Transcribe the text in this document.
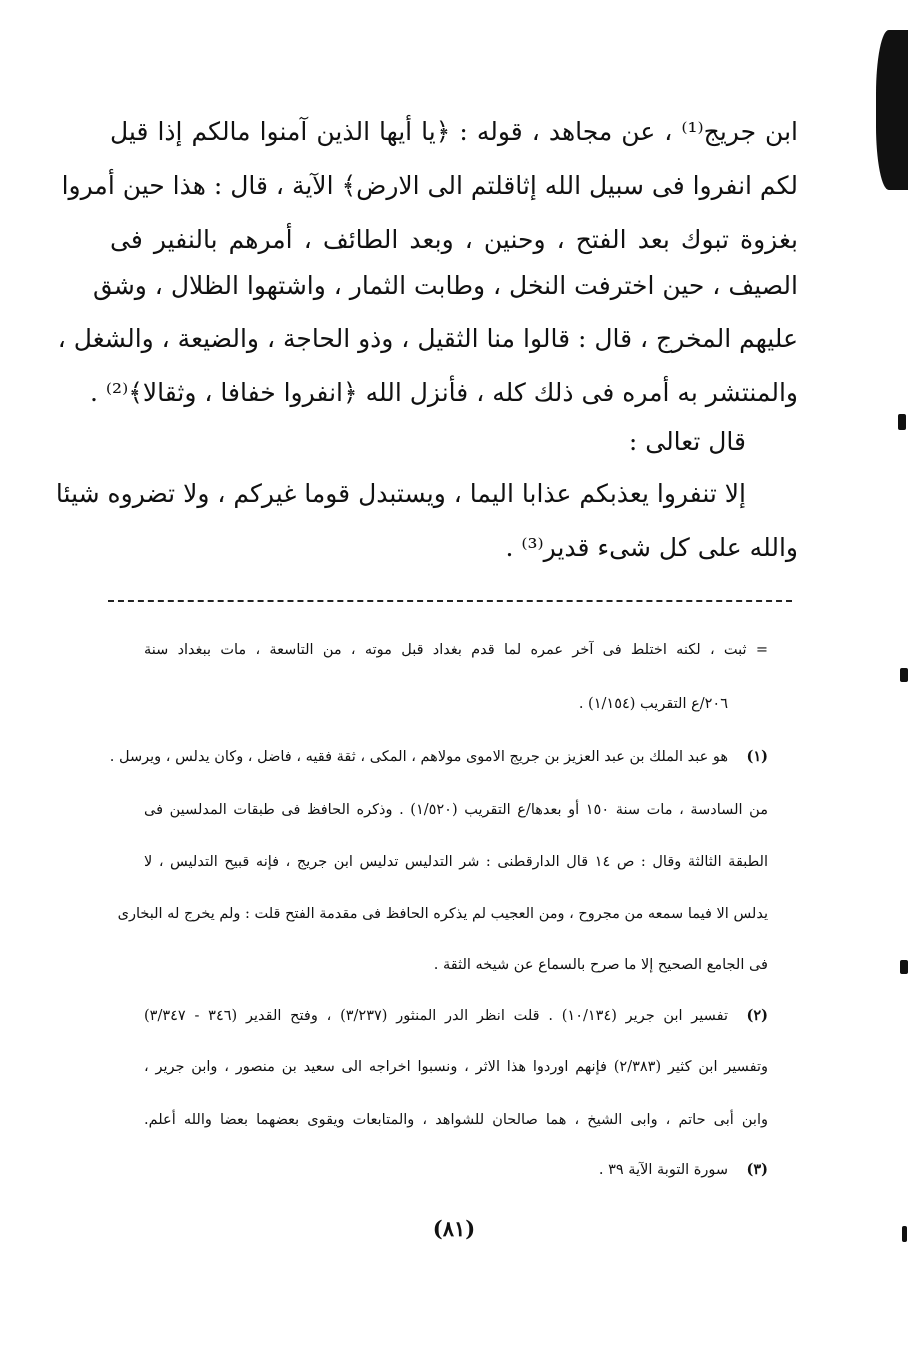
ابن جريج⁽¹⁾ ، عن مجاهد ، قوله : ﴿يا أيها الذين آمنوا مالكم إذا قيل
لكم انفروا فى سبيل الله إثاقلتم الى الارض﴾ الآية ، قال : هذا حين أمروا
بغزوة تبوك بعد الفتح ، وحنين ، وبعد الطائف ، أمرهم بالنفير فى
الصيف ، حين اخترفت النخل ، وطابت الثمار ، واشتهوا الظلال ، وشق
عليهم المخرج ، قال : قالوا منا الثقيل ، وذو الحاجة ، والضيعة ، والشغل ،
والمنتشر به أمره فى ذلك كله ، فأنزل الله ﴿انفروا خفافا ، وثقالا﴾⁽²⁾ .
قال تعالى :
إلا تنفروا يعذبكم عذابا اليما ، ويستبدل قوما غيركم ، ولا تضروه شيئا
والله على كل شىء قدير⁽³⁾ .
= ثبت ، لكنه اختلط فى آخر عمره لما قدم بغداد قبل موته ، من التاسعة ، مات ببغداد سنة
٢٠٦/ع التقريب (١/١٥٤) .
(١)
هو عبد الملك بن عبد العزيز بن جريج الاموى مولاهم ، المكى ، ثقة فقيه ، فاضل ، وكان يدلس ، ويرسل .
من السادسة ، مات سنة ١٥٠ أو بعدها/ع التقريب (١/٥٢٠) . وذكره الحافظ فى طبقات المدلسين فى
الطبقة الثالثة وقال : ص ١٤ قال الدارقطنى : شر التدليس تدليس ابن جريج ، فإنه قبيح التدليس ، لا
يدلس الا فيما سمعه من مجروح ، ومن العجيب لم يذكره الحافظ فى مقدمة الفتح قلت : ولم يخرج له البخارى
فى الجامع الصحيح إلا ما صرح بالسماع عن شيخه الثقة .
(٢)
تفسير ابن جرير (١٠/١٣٤) . قلت انظر الدر المنثور (٣/٢٣٧) ، وفتح القدير (٣٤٦ - ٣/٣٤٧)
وتفسير ابن كثير (٢/٣٨٣) فإنهم اوردوا هذا الاثر ، ونسبوا اخراجه الى سعيد بن منصور ، وابن جرير ،
وابن أبى حاتم ، وابى الشيخ ، هما صالحان للشواهد ، والمتابعات ويقوى بعضهما بعضا والله أعلم.
(٣)
سورة التوبة الآية ٣٩ .
(٨١)
